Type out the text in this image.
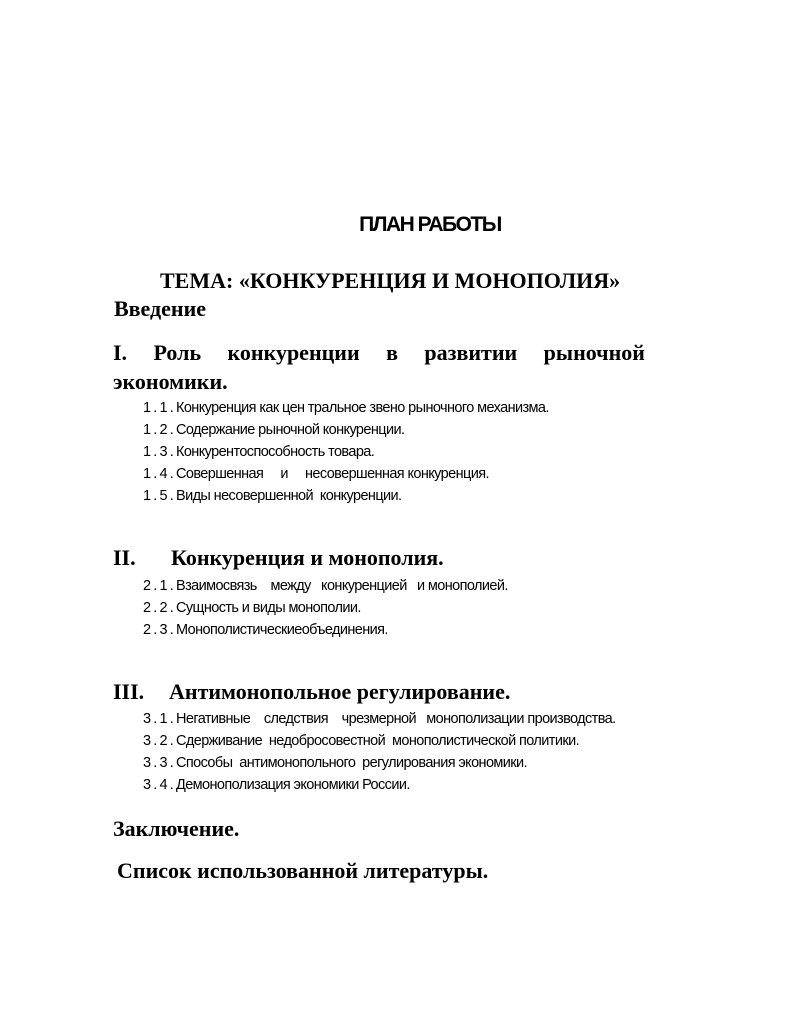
ПЛАН РАБОТЫ
ТЕМА: «КОНКУРЕНЦИЯ И МОНОПОЛИЯ»
Введение
I. Роль конкуренции в развитии рыночной
экономики.
1.1.Конкуренция как цен тральное звено рыночного механизма.
1.2.Содержание рыночной конкуренции.
1.3.Конкурентоспособность товара.
1.4.Совершенная     и     несовершенная конкуренция.
1.5.Виды несовершенной  конкуренции.
II. Конкуренция и монополия.
2.1.Взаимосвязь    между   конкуренцией   и монополией.
2.2.Сущность и виды монополии.
2.3.Монополистическиеобъединения.
III. Антимонопольное регулирование.
3.1.Негативные    следствия    чрезмерной   монополизации производства.
3.2.Сдерживание  недобросовестной  монополистической политики.
3.3.Способы  антимонопольного  регулирования экономики.
3.4.Демонополизация экономики России.
Заключение.
Список использованной литературы.
